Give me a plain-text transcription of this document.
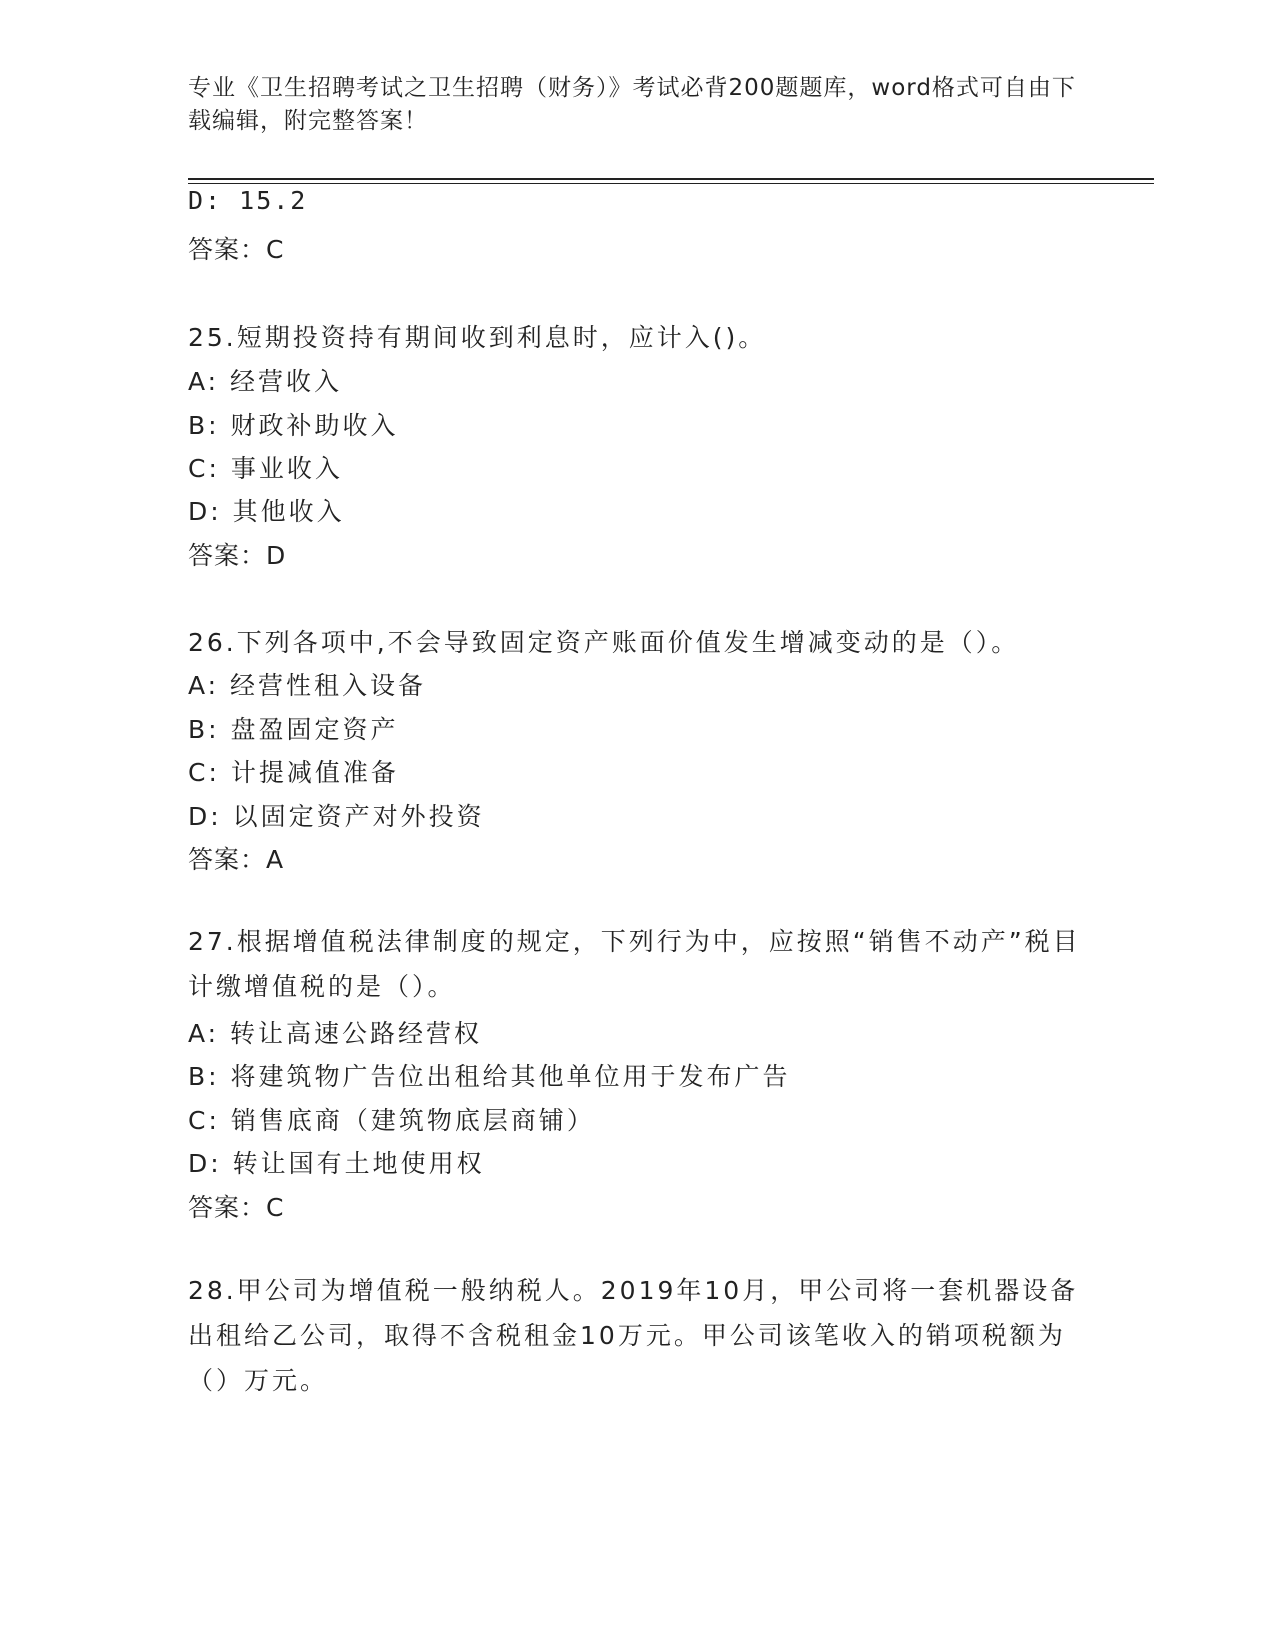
专业《卫生招聘考试之卫生招聘（财务）》考试必背200题题库，word格式可自由下载编辑，附完整答案！
D: 15.2
答案：C
25.短期投资持有期间收到利息时，应计入()。
A: 经营收入
B: 财政补助收入
C: 事业收入
D: 其他收入
答案：D
26.下列各项中,不会导致固定资产账面价值发生增减变动的是（）。
A: 经营性租入设备
B: 盘盈固定资产
C: 计提减值准备
D: 以固定资产对外投资
答案：A
27.根据增值税法律制度的规定，下列行为中，应按照“销售不动产”税目计缴增值税的是（）。
A: 转让高速公路经营权
B: 将建筑物广告位出租给其他单位用于发布广告
C: 销售底商（建筑物底层商铺）
D: 转让国有土地使用权
答案：C
28.甲公司为增值税一般纳税人。2019年10月，甲公司将一套机器设备出租给乙公司，取得不含税租金10万元。甲公司该笔收入的销项税额为（）万元。
